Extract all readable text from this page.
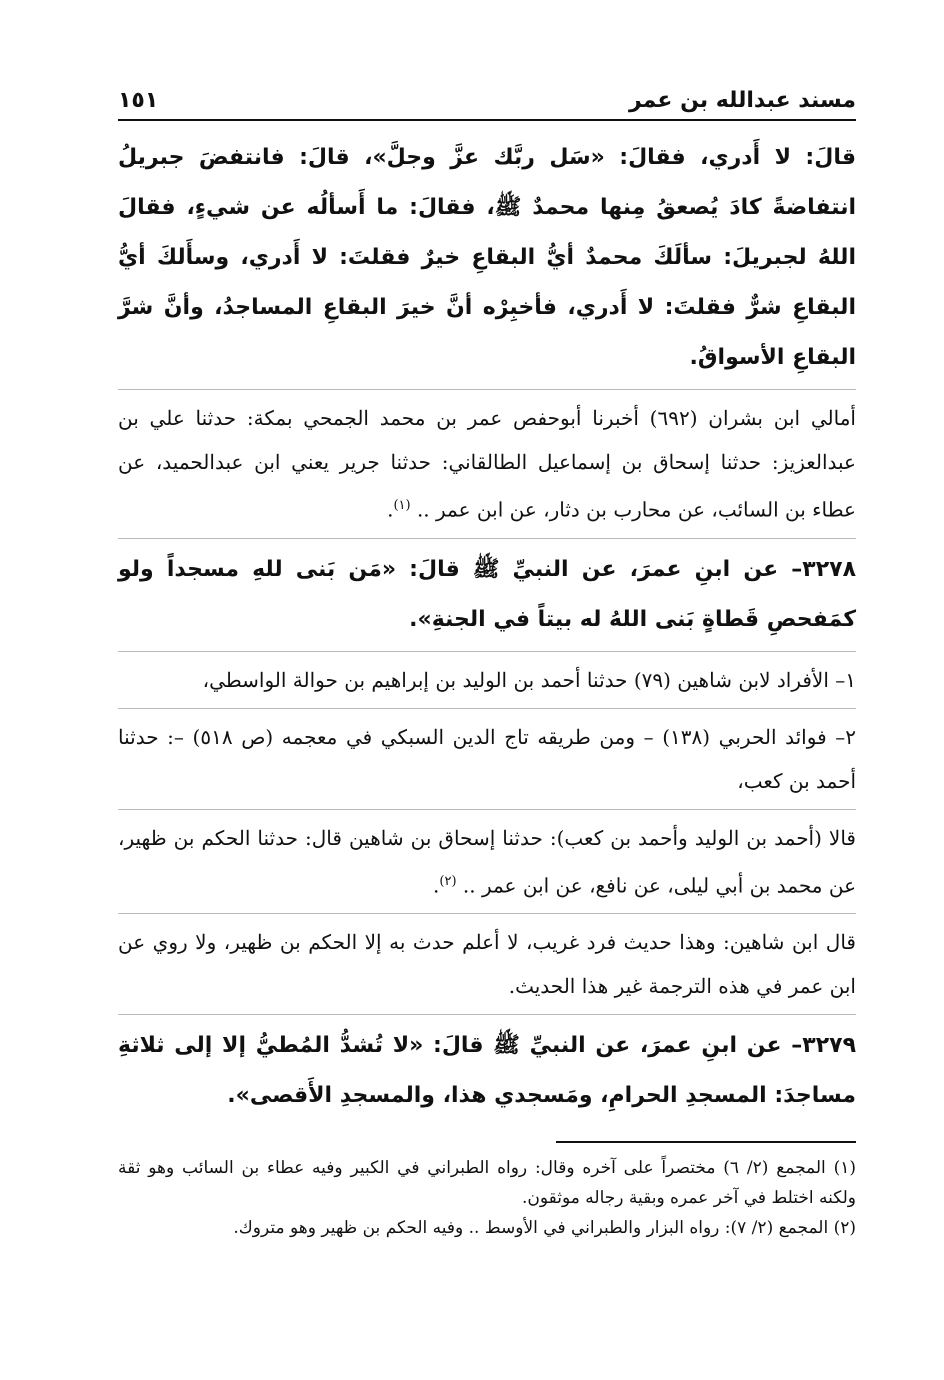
مسند عبدالله بن عمر
١٥١

قالَ: لا أَدري، فقالَ: «سَل ربَّك عزَّ وجلَّ»، قالَ: فانتفضَ جبريلُ انتفاضةً كادَ يُصعقُ مِنها محمدٌ ﷺ، فقالَ: ما أَسألُه عن شيءٍ، فقالَ اللهُ لجبريلَ: سألَكَ محمدٌ أيُّ البقاعِ خيرٌ فقلتَ: لا أَدري، وسأَلكَ أيُّ البقاعِ شرٌّ فقلتَ: لا أَدري، فأخبِرْه أنَّ خيرَ البقاعِ المساجدُ، وأنَّ شرَّ البقاعِ الأسواقُ.

أمالي ابن بشران (٦٩٢) أخبرنا أبوحفص عمر بن محمد الجمحي بمكة: حدثنا علي بن عبدالعزيز: حدثنا إسحاق بن إسماعيل الطالقاني: حدثنا جرير يعني ابن عبدالحميد، عن عطاء بن السائب، عن محارب بن دثار، عن ابن عمر .. $^{(١)}$.

٣٢٧٨– عن ابنِ عمرَ، عن النبيِّ ﷺ قالَ: «مَن بَنى للهِ مسجداً ولو كمَفحصِ قَطاةٍ بَنى اللهُ له بيتاً في الجنةِ».

١– الأفراد لابن شاهين (٧٩) حدثنا أحمد بن الوليد بن إبراهيم بن حوالة الواسطي،

٢– فوائد الحربي (١٣٨) – ومن طريقه تاج الدين السبكي في معجمه (ص ٥١٨) –: حدثنا أحمد بن كعب،

قالا (أحمد بن الوليد وأحمد بن كعب): حدثنا إسحاق بن شاهين قال: حدثنا الحكم بن ظهير، عن محمد بن أبي ليلى، عن نافع، عن ابن عمر .. $^{(٢)}$.

قال ابن شاهين: وهذا حديث فرد غريب، لا أعلم حدث به إلا الحكم بن ظهير، ولا روي عن ابن عمر في هذه الترجمة غير هذا الحديث.

٣٢٧٩– عن ابنِ عمرَ، عن النبيِّ ﷺ قالَ: «لا تُشدُّ المُطيُّ إلا إلى ثلاثةِ مساجدَ: المسجدِ الحرامِ، ومَسجدي هذا، والمسجدِ الأَقصى».

(١) المجمع (٢/ ٦) مختصراً على آخره وقال: رواه الطبراني في الكبير وفيه عطاء بن السائب وهو ثقة ولكنه اختلط في آخر عمره وبقية رجاله موثقون.

(٢) المجمع (٢/ ٧): رواه البزار والطبراني في الأوسط .. وفيه الحكم بن ظهير وهو متروك.
